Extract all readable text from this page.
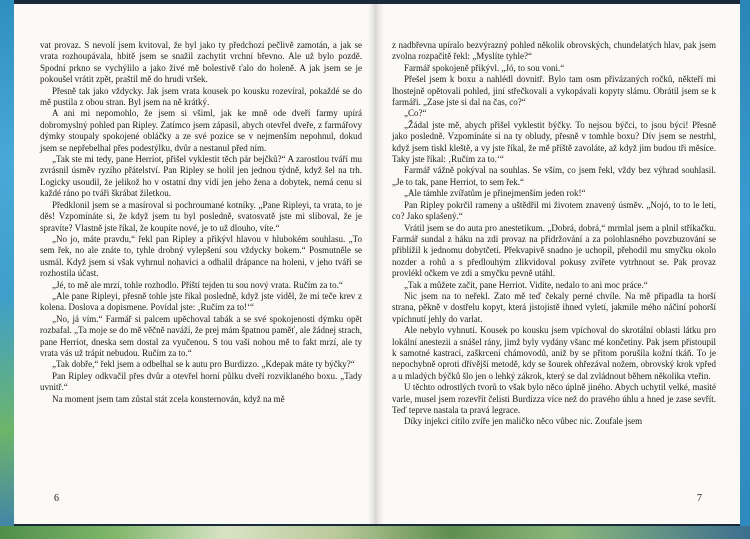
vat provaz. S nevolí jsem kvitoval, že byl jako ty předchozí pečlivě zamotán, a jak se vrata rozhoupávala, hbitě jsem se snažil zachytit vrchní břevno. Ale už bylo pozdě. Spodní prkno se vychýlilo a jako živé mě bolestivě ťalo do holeně. A jak jsem se je pokoušel vrátit zpět, praštil mě do hrudi vršek.

Přesně tak jako vždycky. Jak jsem vrata kousek po kousku rozevíral, pokaždé se do mě pustila z obou stran. Byl jsem na ně krátký.

A ani mi nepomohlo, že jsem si všiml, jak ke mně ode dveří farmy upírá dobromyslný pohled pan Ripley. Zatímco jsem zápasil, abych otevřel dveře, z farmářovy dýmky stoupaly spokojené obláčky a ze své pozice se v nejmenším nepohnul, dokud jsem se nepřebelhal přes podestýlku, dvůr a nestanul před ním.

„Tak ste mi tedy, pane Herriot, přišel vyklestit těch pár bejčků?“ A zarostlou tváří mu zvrásnil úsměv ryzího přátelství. Pan Ripley se holil jen jednou týdně, když šel na trh. Logicky usoudil, že jelikož ho v ostatní dny vidí jen jeho žena a dobytek, nemá cenu si každé ráno po tváři škrábat žiletkou.

Předklonil jsem se a masíroval si pochroumané kotníky. „Pane Ripleyi, ta vrata, to je děs! Vzpomínáte si, že když jsem tu byl posledně, svatosvatě jste mi sliboval, že je spravíte? Vlastně jste říkal, že koupíte nové, je to už dlouho, víte.“

„No jo, máte pravdu,“ řekl pan Ripley a přikývl hlavou v hlubokém souhlasu. „To sem řek, no ale znáte to, tyhle drobný vylepšení sou vždycky bokem.“ Posmutněle se usmál. Když jsem si však vyhrnul nohavici a odhalil drápance na holeni, v jeho tváři se rozhostila účast.

„Jé, to mě ale mrzí, tohle rozhodlo. Příští tejden tu sou nový vrata. Ručím za to.“

„Ale pane Ripleyi, přesně tohle jste říkal posledně, když jste viděl, že mi teče krev z kolena. Doslova a dopismene. Povídal jste: ‚Ručím za to!‘“

„No, já vím.“ Farmář si palcem upěchoval tabák a se své spokojenosti dýmku opět rozbafal. „Ta moje se do mě věčně naváží, že prej mám špatnou paměť, ale žádnej strach, pane Herriot, dneska sem dostal za vyučenou. S tou vaší nohou mě to fakt mrzí, ale ty vrata vás už trápit nebudou. Ručím za to.“

„Tak dobře,“ řekl jsem a odbelhal se k autu pro Burdizzo. „Kdepak máte ty býčky?“

Pan Ripley odkvačil přes dvůr a otevřel horní půlku dveří rozviklaného boxu. „Tady uvnitř.“

Na moment jsem tam zůstal stát zcela konsternován, když na mě

6

z nadbřevna upíralo bezvýrazný pohled několik obrovských, chundelatých hlav, pak jsem zvolna rozpačitě řekl: „Myslíte tyhle?“

Farmář spokojeně přikývl. „Jó, to sou voni.“

Přešel jsem k boxu a nahlédl dovnitř. Bylo tam osm přivázaných ročků, někteří mi lhostejně opětovali pohled, jiní střečkovali a vykopávali kopyty slámu. Obrátil jsem se k farmáři. „Zase jste si dal na čas, co?“

„Co?“

„Žádal jste mě, abych přišel vyklestit býčky. To nejsou býčci, to jsou býci! Přesně jako posledně. Vzpomínáte si na ty obludy, přesně v tomhle boxu? Dív jsem se nestrhl, když jsem tiskl kleště, a vy jste říkal, že mě příště zavoláte, až když jim budou tři měsíce. Taky jste říkal: ‚Ručím za to.‘“

Farmář vážně pokýval na souhlas. Se vším, co jsem řekl, vždy bez výhrad souhlasil. „Je to tak, pane Herriot, to sem řek.“

„Ale támhle zvířatům je přinejmenším jeden rok!“

Pan Ripley pokrčil rameny a uštědřil mi životem znavený úsměv. „Nojó, to to le letí, co? Jako splašený.“

Vrátil jsem se do auta pro anestetikum. „Dobrá, dobrá,“ mrmlal jsem a plnil stříkačku. Farmář sundal z háku na zdi provaz na přidržování a za polohlasného povzbuzování se přiblížil k jednomu dobytčeti. Překvapivě snadno je uchopil, přehodil mu smyčku okolo nozder a rohů a s předlouhým zlikvidoval pokusy zvířete vytrhnout se. Pak provaz provlékl očkem ve zdi a smyčku pevně utáhl.

„Tak a můžete začít, pane Herriot. Vidíte, nedalo to ani moc práce.“

Nic jsem na to neřekl. Zato mě teď čekaly perné chvíle. Na mě připadla ta horší strana, pěkně v dostřelu kopyt, která jistojistě ihned vyletí, jakmile mého náčiní pohorší vpíchnutí jehly do varlat.

Ale nebylo vyhnutí. Kousek po kousku jsem vpíchoval do skrotální oblasti látku pro lokální anestezii a snášel rány, jimž byly vydány všanc mé končetiny. Pak jsem přistoupil k samotné kastraci, zaškrcení chámovodů, aniž by se přitom porušila kožní tkáň. To je nepochybně oproti dřívější metodě, kdy se šourek ohřezával nožem, obrovský krok vpřed a u mladých býčků šlo jen o lehký zákrok, který se dal zvládnout během několika vteřin.

U těchto odrostlých tvorů to však bylo něco úplně jiného. Abych uchytil velké, masité varle, musel jsem rozevřít čelisti Burdizza více než do pravého úhlu a hned je zase sevřít. Teď teprve nastala ta pravá legrace.

Díky injekci cítilo zvíře jen maličko něco vůbec nic. Zoufale jsem

7
